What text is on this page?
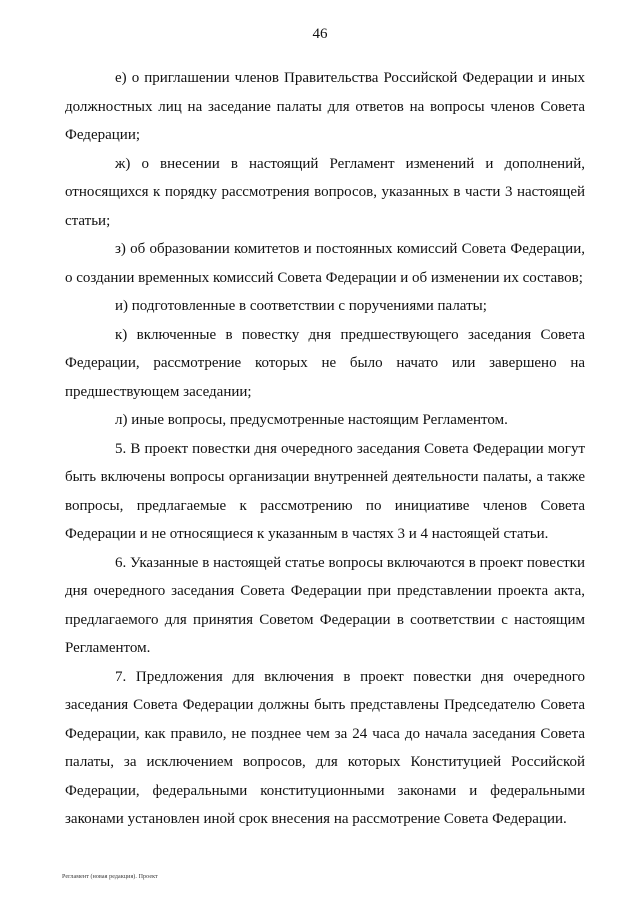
46

е) о приглашении членов Правительства Российской Федерации и иных должностных лиц на заседание палаты для ответов на вопросы членов Совета Федерации;

ж) о внесении в настоящий Регламент изменений и дополнений, относящихся к порядку рассмотрения вопросов, указанных в части 3 настоящей статьи;

з) об образовании комитетов и постоянных комиссий Совета Федерации, о создании временных комиссий Совета Федерации и об изменении их составов;

и) подготовленные в соответствии с поручениями палаты;

к) включенные в повестку дня предшествующего заседания Совета Федерации, рассмотрение которых не было начато или завершено на предшествующем заседании;

л) иные вопросы, предусмотренные настоящим Регламентом.

5. В проект повестки дня очередного заседания Совета Федерации могут быть включены вопросы организации внутренней деятельности палаты, а также вопросы, предлагаемые к рассмотрению по инициативе членов Совета Федерации и не относящиеся к указанным в частях 3 и 4 настоящей статьи.

6. Указанные в настоящей статье вопросы включаются в проект повестки дня очередного заседания Совета Федерации при представлении проекта акта, предлагаемого для принятия Советом Федерации в соответствии с настоящим Регламентом.

7. Предложения для включения в проект повестки дня очередного заседания Совета Федерации должны быть представлены Председателю Совета Федерации, как правило, не позднее чем за 24 часа до начала заседания Совета палаты, за исключением вопросов, для которых Конституцией Российской Федерации, федеральными конституционными законами и федеральными законами установлен иной срок внесения на рассмотрение Совета Федерации.

Регламент (новая редакция). Проект
